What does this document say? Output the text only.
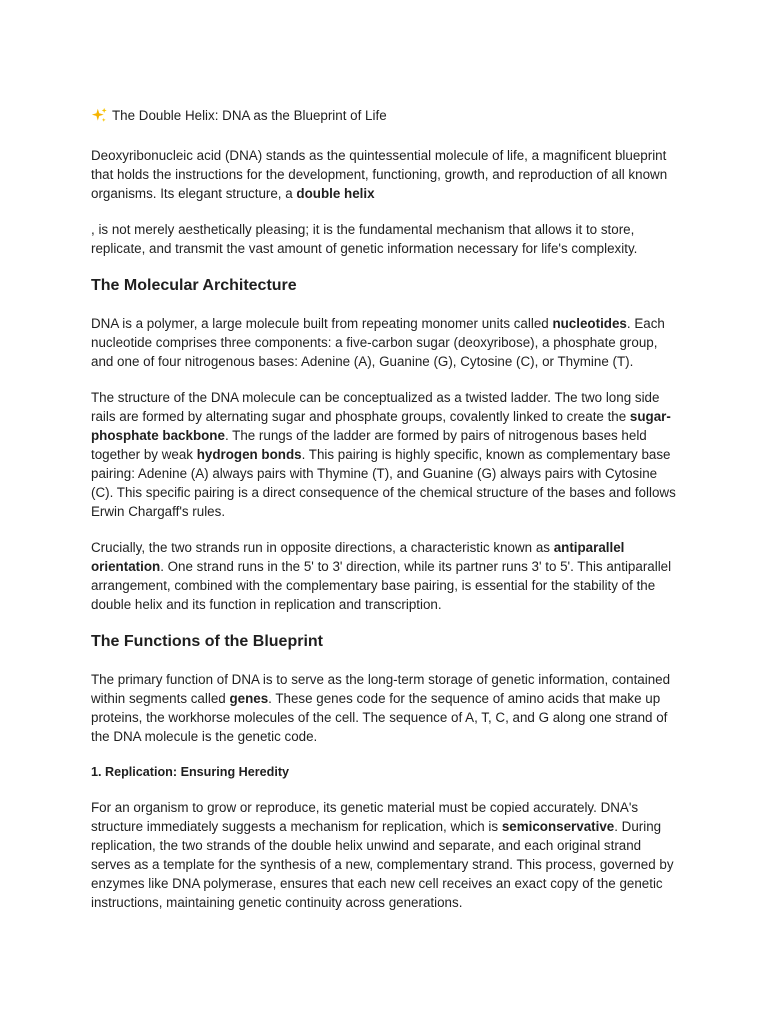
The Double Helix: DNA as the Blueprint of Life

Deoxyribonucleic acid (DNA) stands as the quintessential molecule of life, a magnificent blueprint that holds the instructions for the development, functioning, growth, and reproduction of all known organisms. Its elegant structure, a double helix

, is not merely aesthetically pleasing; it is the fundamental mechanism that allows it to store, replicate, and transmit the vast amount of genetic information necessary for life's complexity.

The Molecular Architecture

DNA is a polymer, a large molecule built from repeating monomer units called nucleotides. Each nucleotide comprises three components: a five-carbon sugar (deoxyribose), a phosphate group, and one of four nitrogenous bases: Adenine (A), Guanine (G), Cytosine (C), or Thymine (T).

The structure of the DNA molecule can be conceptualized as a twisted ladder. The two long side rails are formed by alternating sugar and phosphate groups, covalently linked to create the sugar-phosphate backbone. The rungs of the ladder are formed by pairs of nitrogenous bases held together by weak hydrogen bonds. This pairing is highly specific, known as complementary base pairing: Adenine (A) always pairs with Thymine (T), and Guanine (G) always pairs with Cytosine (C). This specific pairing is a direct consequence of the chemical structure of the bases and follows Erwin Chargaff's rules.

Crucially, the two strands run in opposite directions, a characteristic known as antiparallel orientation. One strand runs in the 5' to 3' direction, while its partner runs 3' to 5'. This antiparallel arrangement, combined with the complementary base pairing, is essential for the stability of the double helix and its function in replication and transcription.

The Functions of the Blueprint

The primary function of DNA is to serve as the long-term storage of genetic information, contained within segments called genes. These genes code for the sequence of amino acids that make up proteins, the workhorse molecules of the cell. The sequence of A, T, C, and G along one strand of the DNA molecule is the genetic code.

1. Replication: Ensuring Heredity

For an organism to grow or reproduce, its genetic material must be copied accurately. DNA's structure immediately suggests a mechanism for replication, which is semiconservative. During replication, the two strands of the double helix unwind and separate, and each original strand serves as a template for the synthesis of a new, complementary strand. This process, governed by enzymes like DNA polymerase, ensures that each new cell receives an exact copy of the genetic instructions, maintaining genetic continuity across generations.
